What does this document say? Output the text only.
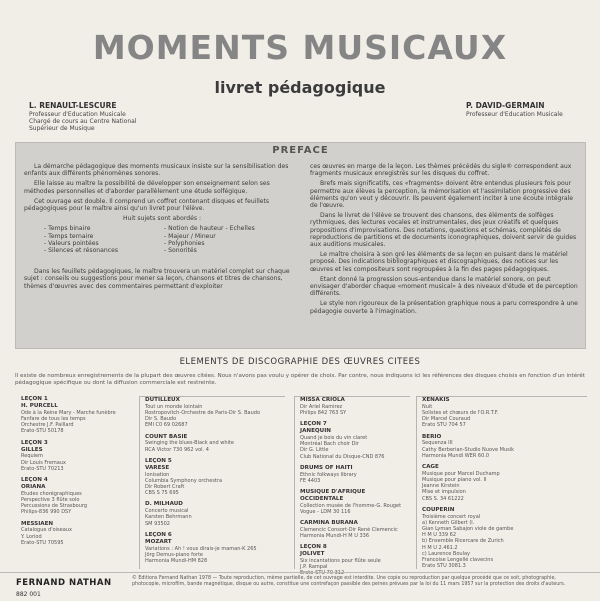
MOMENTS MUSICAUX
livret pédagogique
L. RENAULT-LESCURE
Professeur d'Education Musicale
Chargé de cours au Centre National
Supérieur de Musique
P. DAVID-GERMAIN
Professeur d'Education Musicale
PREFACE

La démarche pédagogique des moments musicaux insiste sur la sensibilisation des enfants aux différents phénomènes sonores.

Elle laisse au maître la possibilité de développer son enseignement selon ses méthodes personnelles et d'aborder parallèlement une étude solfégique.

Cet ouvrage est double. Il comprend un coffret contenant disques et feuillets pédagogiques pour le maître ainsi qu'un livret pour l'élève.

Huit sujets sont abordés :

- Temps binaire
- Temps ternaire
- Valeurs pointées
- Silences et résonances
- Notion de hauteur - Echelles
- Majeur / Mineur
- Polyphonies
- Sonorités

Dans les feuillets pédagogiques, le maître trouvera un matériel complet sur chaque sujet : conseils ou suggestions pour mener sa leçon, chansons et titres de chansons, thèmes d'œuvres avec des commentaires permettant d'exploiter

ces œuvres en marge de la leçon. Les thèmes précédés du sigle® correspondent aux fragments musicaux enregistrés sur les disques du coffret.

Brefs mais significatifs, ces «fragments» doivent être entendus plusieurs fois pour permettre aux élèves la perception, la mémorisation et l'assimilation progressive des éléments qu'on veut y découvrir. Ils peuvent également inciter à une écoute intégrale de l'œuvre.

Dans le livret de l'élève se trouvent des chansons, des éléments de solfèges rythmiques, des lectures vocales et instrumentales, des jeux créatifs et quelques propositions d'improvisations. Des notations, questions et schémas, complétés de reproductions de partitions et de documents iconographiques, doivent servir de guides aux auditions musicales.

Le maître choisira à son gré les éléments de sa leçon en puisant dans le matériel proposé. Des indications bibliographiques et discographiques, des notices sur les œuvres et les compositeurs sont regroupées à la fin des pages pédagogiques.

Etant donné la progression sous-entendue dans le matériel sonore, on peut envisager d'aborder chaque «moment musical» à des niveaux d'étude et de perception différents.

Le style non rigoureux de la présentation graphique nous a paru correspondre à une pédagogie ouverte à l'imagination.

ELEMENTS DE DISCOGRAPHIE DES ŒUVRES CITEES
Il existe de nombreux enregistrements de la plupart des œuvres citées. Nous n'avons pas voulu y opérer de choix. Par contre, nous indiquons ici les références des disques choisis en fonction d'un intérêt pédagogique spécifique ou dont la diffusion commerciale est restreinte.
LEÇON 1
H. PURCELL
Ode à la Reine Mary - Marche funèbre
Fanfare de tous les temps
Orchestre J.F. Paillard
Erato-STU 50178
LEÇON 3
GILLES
Requiem
Dir Louis Fremaux
Erato-STU 70213
LEÇON 4
ORIANA
Etudes chorégraphiques
Perspective 3 flûte solo
Percussions de Strasbourg
Philips-836 990 DSY
MESSIAEN
Catalogue d'oiseaux
Y. Loriod
Erato-STU 70595
DUTILLEUX
Tout un monde lointain
Rostropovitch-Orchestre de Paris-Dir S. Baudo
Dir S. Baudo
EMI C0 69 02687
COUNT BASIE
Swinging the blues-Black and white
RCA Victor 730 962 vol. 4
LEÇON 5
VARESE
Ionisation
Columbia Symphony orchestra
Dir Robert Craft
CBS S 75 695
D. MILHAUD
Concerto musical
Karsten Behrmann
SM 93502
LEÇON 6
MOZART
Variations : Ah ! vous dirais-je maman-K 265
Jörg Demus-piano forte
Harmonia Mundi-HM 828
MISSA CRIOLA
Dir Ariel Ramirez
Philips 842 763 SY
LEÇON 7
JANEQUIN
Quand je bois du vin claret
Montréal Bach choir Dir
Dir G. Little
Club National du Disque-CND 876
DRUMS OF HAITI
Ethnic folkways library
FE 4403
MUSIQUE D'AFRIQUE OCCIDENTALE
Collection musée de l'homme-G. Rouget
Vogue - LDM 30 116
CARMINA BURANA
Clemencic Consort-Dir René Clemencic
Harmonia Mundi-H M U 336
LEÇON 8
JOLIVET
Six incantations pour flûte seule
J.P. Rampal
Erato-STU 70 312
XENAKIS
Nuit
Solistes et chœurs de l'O.R.T.F.
Dir Marcel Couraud
Erato STU 704 57
BERIO
Sequenza III
Cathy Berberian-Studio Nuove Musik
Harmonia Mundi WER 60.0
CAGE
Musique pour Marcel Duchamp
Musique pour piano vol. II
Jeanne Kirstein
Mise et impulsion
CBS S. 34 61222
COUPERIN
Troisième concert royal
a) Kenneth Gilbert (l.
Gian Lyman Sabajon viole de gambe
H M U 339 62
b) Ensemble Ricercare de Zurich
H M U 2.461.2
c) Laurence Boulay
Francoise Lengellé clavecins
Erato STU 3081.3
FERNAND NATHAN
882 001
© Editions Fernand Nathan 1978 — Toute reproduction, même partielle, de cet ouvrage est interdite. Une copie ou reproduction par quelque procédé que ce soit, photographie, photocopie, microfilm, bande magnétique, disque ou autre, constitue une contrefaçon passible des peines prévues par la loi du 11 mars 1957 sur la protection des droits d'auteurs.
